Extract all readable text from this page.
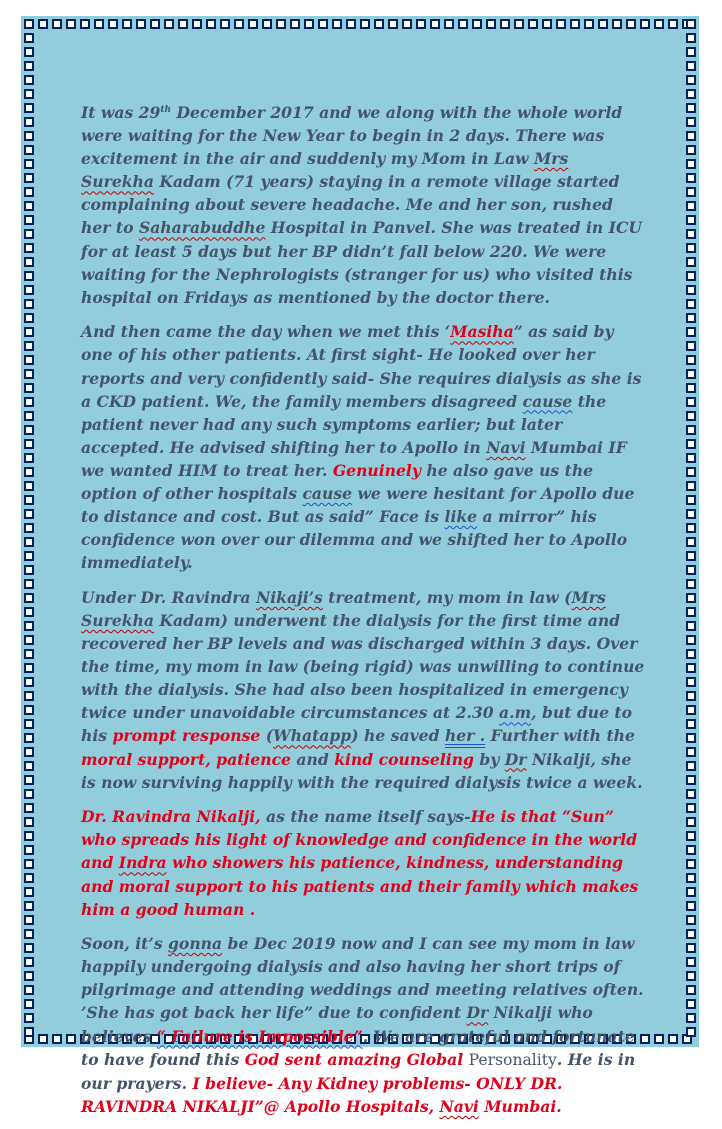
It was 29th December 2017 and we along with the whole world were waiting for the New Year to begin in 2 days. There was excitement in the air and suddenly my Mom in Law Mrs Surekha Kadam (71 years) staying in a remote village started complaining about severe headache. Me and her son, rushed her to Saharabuddhe Hospital in Panvel. She was treated in ICU for at least 5 days but her BP didn’t fall below 220. We were waiting for the Nephrologists (stranger for us) who visited this hospital on Fridays as mentioned by the doctor there.

And then came the day when we met this ‘Masiha” as said by one of his other patients. At first sight- He looked over her reports and very confidently said- She requires dialysis as she is a CKD patient. We, the family members disagreed cause the patient never had any such symptoms earlier; but later accepted. He advised shifting her to Apollo in Navi Mumbai IF we wanted HIM to treat her. Genuinely he also gave us the option of other hospitals cause we were hesitant for Apollo due to distance and cost. But as said” Face is like a mirror” his confidence won over our dilemma and we shifted her to Apollo immediately.

Under Dr. Ravindra Nikaji’s treatment, my mom in law (Mrs Surekha Kadam) underwent the dialysis for the first time and recovered her BP levels and was discharged within 3 days. Over the time, my mom in law (being rigid) was unwilling to continue with the dialysis. She had also been hospitalized in emergency twice under unavoidable circumstances at 2.30 a.m, but due to his prompt response (Whatapp) he saved her . Further with the moral support, patience and kind counseling by Dr Nikalji, she is now surviving happily with the required dialysis twice a week.

Dr. Ravindra Nikalji, as the name itself says-He is that “Sun” who spreads his light of knowledge and confidence in the world and Indra who showers his patience, kindness, understanding and moral support to his patients and their family which makes him a good human .

Soon, it’s gonna be Dec 2019 now and I can see my mom in law happily undergoing dialysis and also having her short trips of pilgrimage and attending weddings and meeting relatives often. ’She has got back her life” due to confident Dr Nikalji who believes “ Failure is Impossible”. We are grateful and fortunate to have found this God sent amazing Global Personality. He is in our prayers. I believe- Any Kidney problems- ONLY DR. RAVINDRA NIKALJI”@ Apollo Hospitals, Navi Mumbai.
